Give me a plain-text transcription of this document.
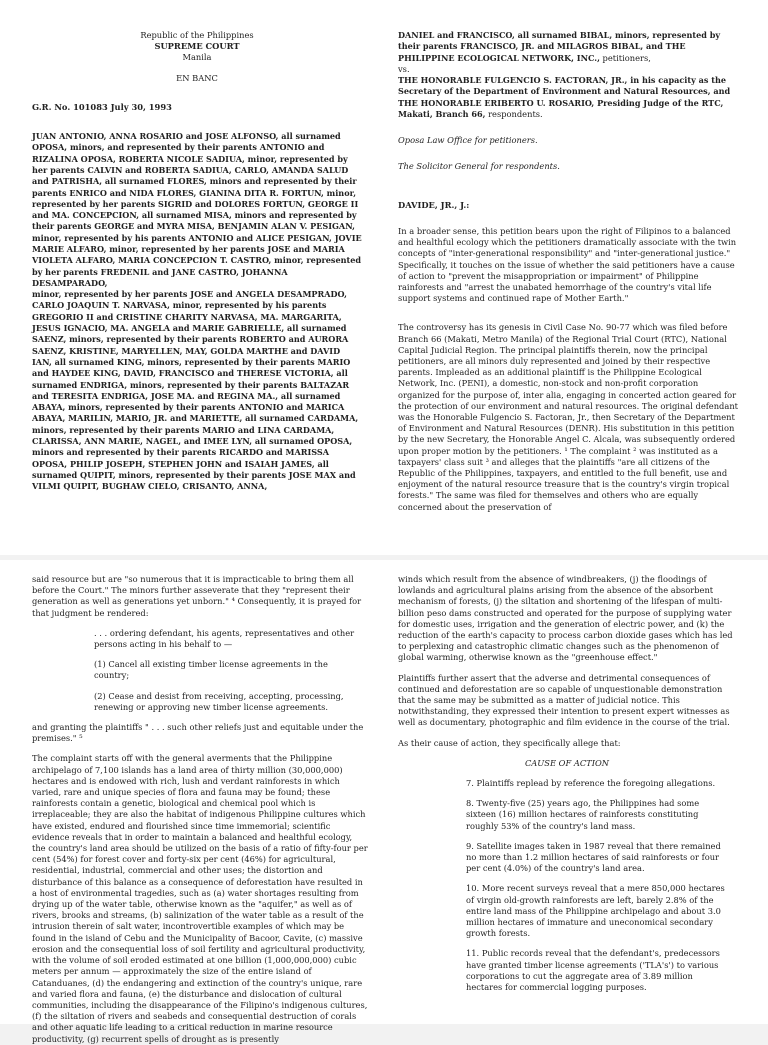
Republic of the Philippines

SUPREME COURT

Manila

EN BANC

G.R. No. 101083 July 30, 1993

JUAN ANTONIO, ANNA ROSARIO and JOSE ALFONSO, all surnamed OPOSA, minors, and represented by their parents ANTONIO and RIZALINA OPOSA, ROBERTA NICOLE SADIUA, minor, represented by her parents CALVIN and ROBERTA SADIUA, CARLO, AMANDA SALUD and PATRISHA, all surnamed FLORES, minors and represented by their parents ENRICO and NIDA FLORES, GIANINA DITA R. FORTUN, minor, represented by her parents SIGRID and DOLORES FORTUN, GEORGE II and MA. CONCEPCION, all surnamed MISA, minors and represented by their parents GEORGE and MYRA MISA, BENJAMIN ALAN V. PESIGAN, minor, represented by his parents ANTONIO and ALICE PESIGAN, JOVIE MARIE ALFARO, minor, represented by her parents JOSE and MARIA VIOLETA ALFARO, MARIA CONCEPCION T. CASTRO, minor, represented by her parents FREDENIL and JANE CASTRO, JOHANNA DESAMPARADO,

minor, represented by her parents JOSE and ANGELA DESAMPRADO, CARLO JOAQUIN T. NARVASA, minor, represented by his parents GREGORIO II and CRISTINE CHARITY NARVASA, MA. MARGARITA, JESUS IGNACIO, MA. ANGELA and MARIE GABRIELLE, all surnamed SAENZ, minors, represented by their parents ROBERTO and AURORA SAENZ, KRISTINE, MARYELLEN, MAY, GOLDA MARTHE and DAVID IAN, all surnamed KING, minors, represented by their parents MARIO and HAYDEE KING, DAVID, FRANCISCO and THERESE VICTORIA, all surnamed ENDRIGA, minors, represented by their parents BALTAZAR and TERESITA ENDRIGA, JOSE MA. and REGINA MA., all surnamed ABAYA, minors, represented by their parents ANTONIO and MARICA ABAYA, MARILIN, MARIO, JR. and MARIETTE, all surnamed CARDAMA, minors, represented by their parents MARIO and LINA CARDAMA, CLARISSA, ANN MARIE, NAGEL, and IMEE LYN, all surnamed OPOSA, minors and represented by their parents RICARDO and MARISSA OPOSA, PHILIP JOSEPH, STEPHEN JOHN and ISAIAH JAMES, all surnamed QUIPIT, minors, represented by their parents JOSE MAX and VILMI QUIPIT, BUGHAW CIELO, CRISANTO, ANNA,

DANIEL and FRANCISCO, all surnamed BIBAL, minors, represented by their parents FRANCISCO, JR. and MILAGROS BIBAL, and THE PHILIPPINE ECOLOGICAL NETWORK, INC., petitioners,

vs.

THE HONORABLE FULGENCIO S. FACTORAN, JR., in his capacity as the Secretary of the Department of Environment and Natural Resources, and THE HONORABLE ERIBERTO U. ROSARIO, Presiding Judge of the RTC, Makati, Branch 66, respondents.

Oposa Law Office for petitioners.

The Solicitor General for respondents.

DAVIDE, JR., J.:

In a broader sense, this petition bears upon the right of Filipinos to a balanced and healthful ecology which the petitioners dramatically associate with the twin concepts of "inter-generational responsibility" and "inter-generational justice." Specifically, it touches on the issue of whether the said petitioners have a cause of action to "prevent the misappropriation or impairment" of Philippine rainforests and "arrest the unabated hemorrhage of the country's vital life support systems and continued rape of Mother Earth."

The controversy has its genesis in Civil Case No. 90-77 which was filed before Branch 66 (Makati, Metro Manila) of the Regional Trial Court (RTC), National Capital Judicial Region. The principal plaintiffs therein, now the principal petitioners, are all minors duly represented and joined by their respective parents. Impleaded as an additional plaintiff is the Philippine Ecological Network, Inc. (PENI), a domestic, non-stock and non-profit corporation organized for the purpose of, inter alia, engaging in concerted action geared for the protection of our environment and natural resources. The original defendant was the Honorable Fulgencio S. Factoran, Jr., then Secretary of the Department of Environment and Natural Resources (DENR). His substitution in this petition by the new Secretary, the Honorable Angel C. Alcala, was subsequently ordered upon proper motion by the petitioners. ¹ The complaint ² was instituted as a taxpayers' class suit ³ and alleges that the plaintiffs "are all citizens of the Republic of the Philippines, taxpayers, and entitled to the full benefit, use and enjoyment of the natural resource treasure that is the country's virgin tropical forests." The same was filed for themselves and others who are equally concerned about the preservation of

said resource but are "so numerous that it is impracticable to bring them all before the Court." The minors further asseverate that they "represent their generation as well as generations yet unborn." ⁴ Consequently, it is prayed for that judgment be rendered:

. . . ordering defendant, his agents, representatives and other persons acting in his behalf to —

(1) Cancel all existing timber license agreements in the country;

(2) Cease and desist from receiving, accepting, processing, renewing or approving new timber license agreements.

and granting the plaintiffs " . . . such other reliefs just and equitable under the premises." ⁵

The complaint starts off with the general averments that the Philippine archipelago of 7,100 islands has a land area of thirty million (30,000,000) hectares and is endowed with rich, lush and verdant rainforests in which varied, rare and unique species of flora and fauna may be found; these rainforests contain a genetic, biological and chemical pool which is irreplaceable; they are also the habitat of indigenous Philippine cultures which have existed, endured and flourished since time immemorial; scientific evidence reveals that in order to maintain a balanced and healthful ecology, the country's land area should be utilized on the basis of a ratio of fifty-four per cent (54%) for forest cover and forty-six per cent (46%) for agricultural, residential, industrial, commercial and other uses; the distortion and disturbance of this balance as a consequence of deforestation have resulted in a host of environmental tragedies, such as (a) water shortages resulting from drying up of the water table, otherwise known as the "aquifer," as well as of rivers, brooks and streams, (b) salinization of the water table as a result of the intrusion therein of salt water, incontrovertible examples of which may be found in the island of Cebu and the Municipality of Bacoor, Cavite, (c) massive erosion and the consequential loss of soil fertility and agricultural productivity, with the volume of soil eroded estimated at one billion (1,000,000,000) cubic meters per annum — approximately the size of the entire island of Catanduanes, (d) the endangering and extinction of the country's unique, rare and varied flora and fauna, (e) the disturbance and dislocation of cultural communities, including the disappearance of the Filipino's indigenous cultures, (f) the siltation of rivers and seabeds and consequential destruction of corals and other aquatic life leading to a critical reduction in marine resource productivity, (g) recurrent spells of drought as is presently

winds which result from the absence of windbreakers, (j) the floodings of lowlands and agricultural plains arising from the absence of the absorbent mechanism of forests, (j) the siltation and shortening of the lifespan of multi-billion peso dams constructed and operated for the purpose of supplying water for domestic uses, irrigation and the generation of electric power, and (k) the reduction of the earth's capacity to process carbon dioxide gases which has led to perplexing and catastrophic climatic changes such as the phenomenon of global warming, otherwise known as the "greenhouse effect."

Plaintiffs further assert that the adverse and detrimental consequences of continued and deforestation are so capable of unquestionable demonstration that the same may be submitted as a matter of judicial notice. This notwithstanding, they expressed their intention to present expert witnesses as well as documentary, photographic and film evidence in the course of the trial.

As their cause of action, they specifically allege that:

CAUSE OF ACTION

7. Plaintiffs replead by reference the foregoing allegations.

8. Twenty-five (25) years ago, the Philippines had some sixteen (16) million hectares of rainforests constituting roughly 53% of the country's land mass.

9. Satellite images taken in 1987 reveal that there remained no more than 1.2 million hectares of said rainforests or four per cent (4.0%) of the country's land area.

10. More recent surveys reveal that a mere 850,000 hectares of virgin old-growth rainforests are left, barely 2.8% of the entire land mass of the Philippine archipelago and about 3.0 million hectares of immature and uneconomical secondary growth forests.

11. Public records reveal that the defendant's, predecessors have granted timber license agreements ('TLA's') to various corporations to cut the aggregate area of 3.89 million hectares for commercial logging purposes.
